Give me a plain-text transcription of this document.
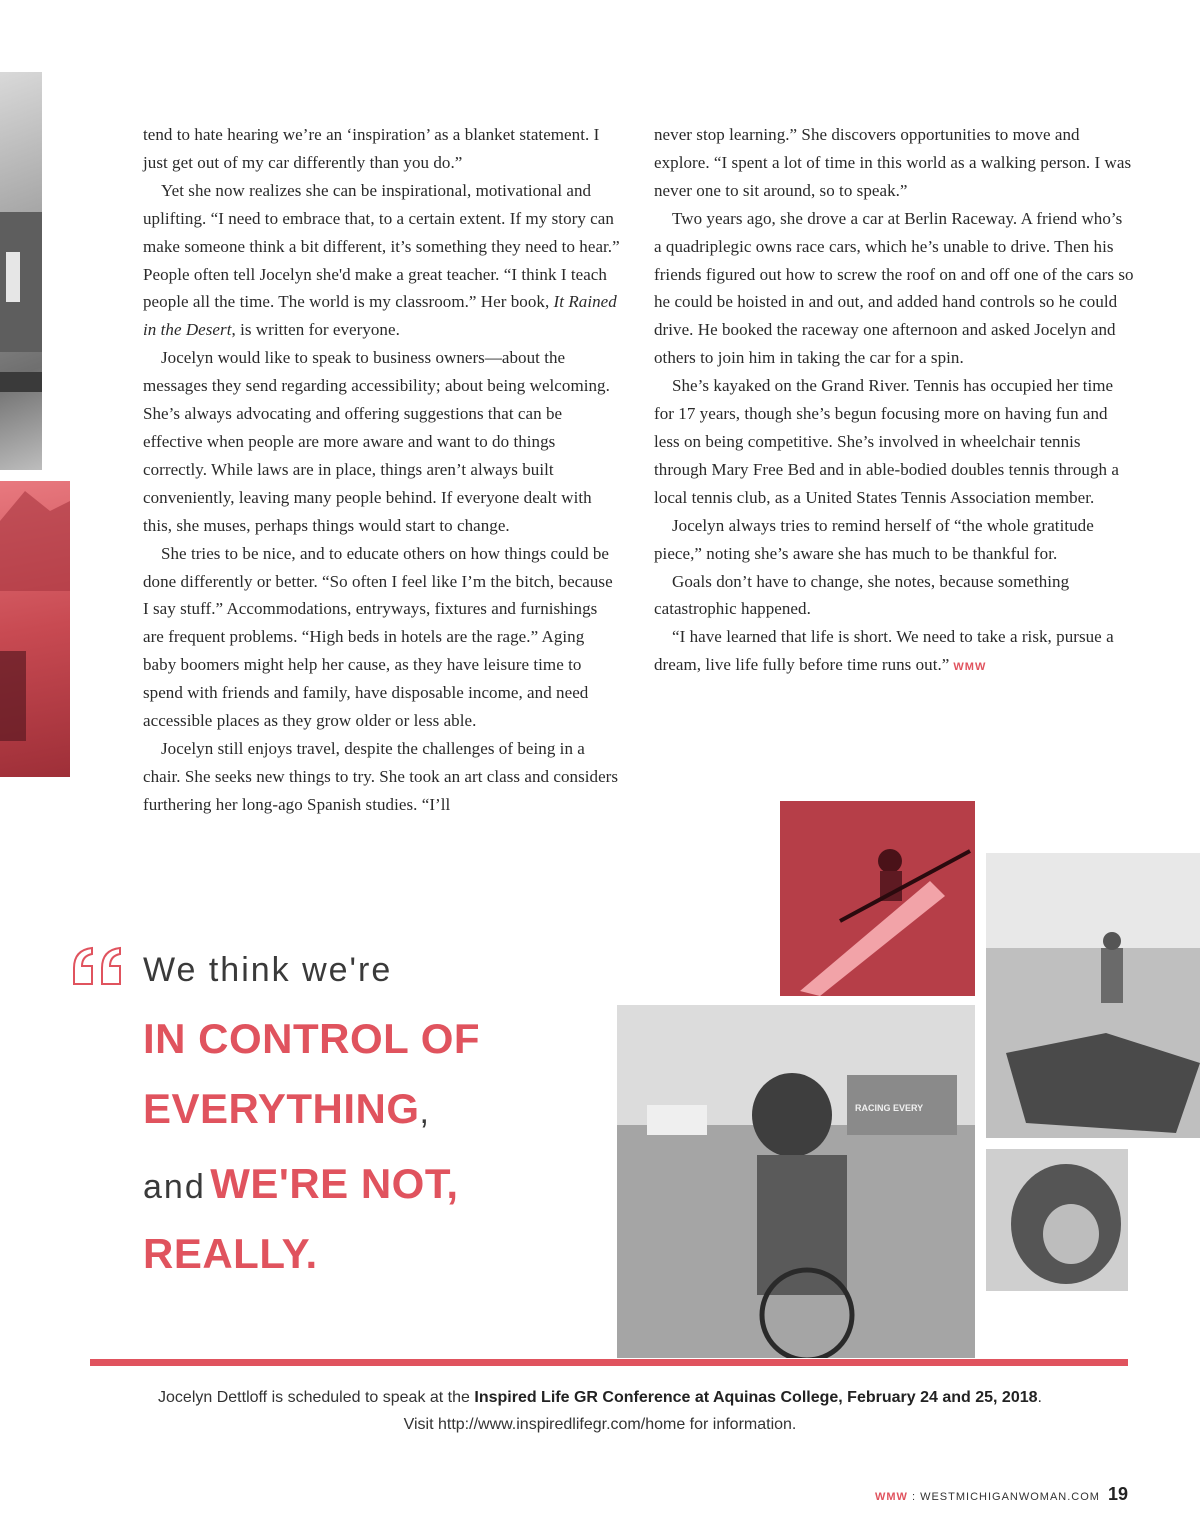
tend to hate hearing we’re an ‘inspiration’ as a blanket statement. I just get out of my car differently than you do.”

Yet she now realizes she can be inspirational, motivational and uplifting. “I need to embrace that, to a certain extent. If my story can make someone think a bit different, it’s something they need to hear.” People often tell Jocelyn she'd make a great teacher. “I think I teach people all the time. The world is my classroom.” Her book, It Rained in the Desert, is written for everyone.

Jocelyn would like to speak to business owners—about the messages they send regarding accessibility; about being welcoming. She’s always advocating and offering suggestions that can be effective when people are more aware and want to do things correctly. While laws are in place, things aren’t always built conveniently, leaving many people behind. If everyone dealt with this, she muses, perhaps things would start to change.

She tries to be nice, and to educate others on how things could be done differently or better. “So often I feel like I’m the bitch, because I say stuff.” Accommodations, entryways, fixtures and furnishings are frequent problems. “High beds in hotels are the rage.” Aging baby boomers might help her cause, as they have leisure time to spend with friends and family, have disposable income, and need accessible places as they grow older or less able.

Jocelyn still enjoys travel, despite the challenges of being in a chair. She seeks new things to try. She took an art class and considers furthering her long-ago Spanish studies. “I’ll

never stop learning.” She discovers opportunities to move and explore. “I spent a lot of time in this world as a walking person. I was never one to sit around, so to speak.”

Two years ago, she drove a car at Berlin Raceway. A friend who’s a quadriplegic owns race cars, which he’s unable to drive. Then his friends figured out how to screw the roof on and off one of the cars so he could be hoisted in and out, and added hand controls so he could drive. He booked the raceway one afternoon and asked Jocelyn and others to join him in taking the car for a spin.

She’s kayaked on the Grand River. Tennis has occupied her time for 17 years, though she’s begun focusing more on having fun and less on being competitive. She’s involved in wheelchair tennis through Mary Free Bed and in able-bodied doubles tennis through a local tennis club, as a United States Tennis Association member.

Jocelyn always tries to remind herself of “the whole gratitude piece,” noting she’s aware she has much to be thankful for.

Goals don’t have to change, she notes, because something catastrophic happened.

“I have learned that life is short. We need to take a risk, pursue a dream, live life fully before time runs out.” WMW

RACING EVERY
We think we're
IN CONTROL OF
EVERYTHING,
and WE'RE NOT,
REALLY.
Jocelyn Dettloff is scheduled to speak at the Inspired Life GR Conference at Aquinas College, February 24 and 25, 2018.
Visit http://www.inspiredlifegr.com/home for information.
WMW : WESTMICHIGANWOMAN.COM 19
